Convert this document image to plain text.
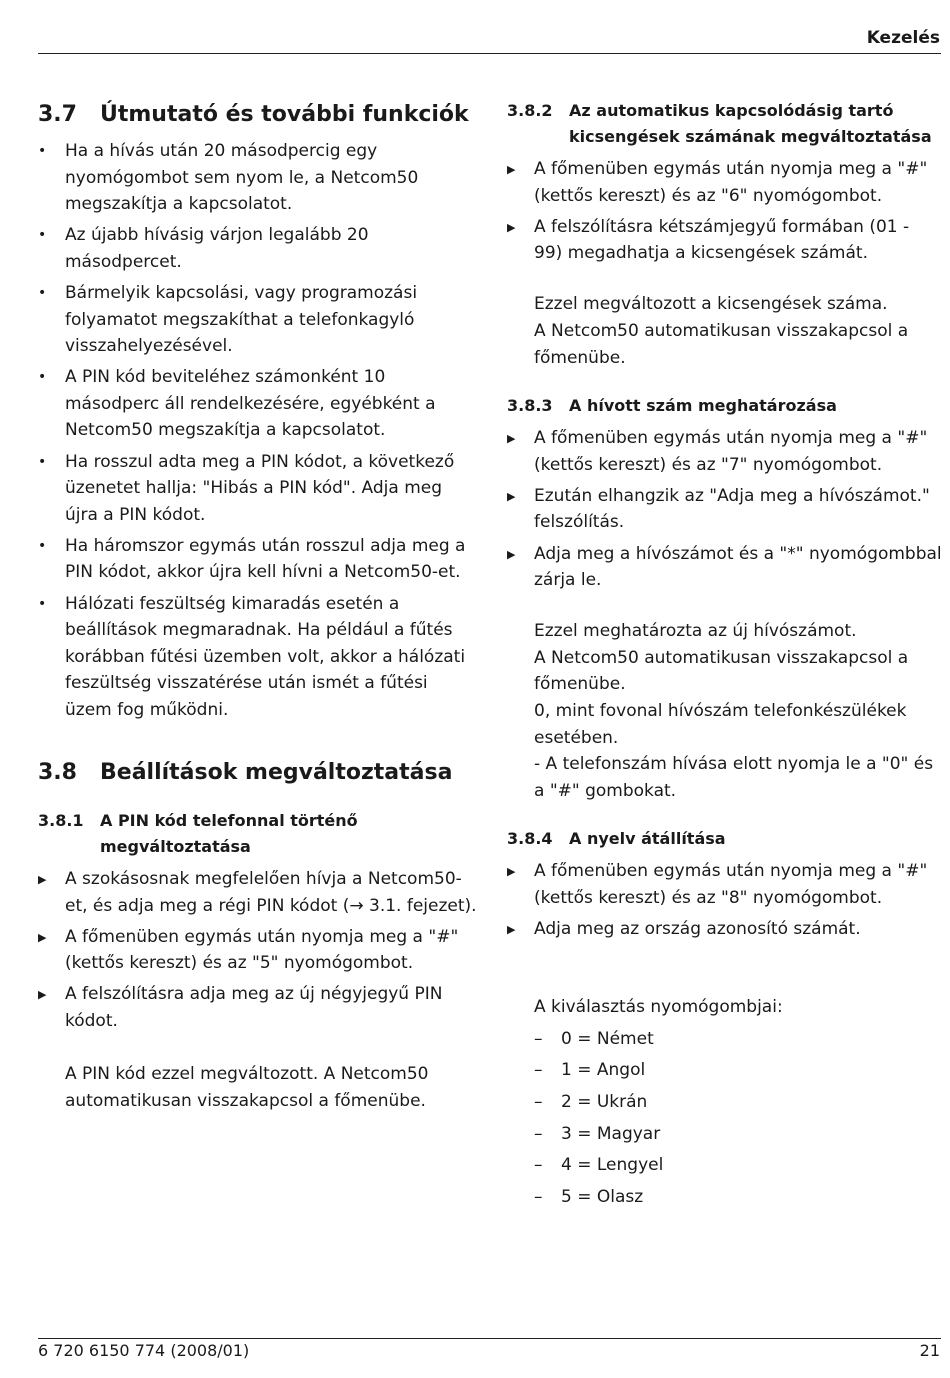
Kezelés
3.7	Útmutató és további funkciók
•	Ha a hívás után 20 másodpercig egy nyomógombot sem nyom le, a Netcom50 megszakítja a kapcsolatot.
•	Az újabb hívásig várjon legalább 20 másodpercet.
•	Bármelyik kapcsolási, vagy programozási folyamatot megszakíthat a telefonkagyló visszahelyezésével.
•	A PIN kód beviteléhez számonként 10 másodperc áll rendelkezésére, egyébként a Netcom50 megszakítja a kapcsolatot.
•	Ha rosszul adta meg a PIN kódot, a következő üzenetet hallja: "Hibás a PIN kód". Adja meg újra a PIN kódot.
•	Ha háromszor egymás után rosszul adja meg a PIN kódot, akkor újra kell hívni a Netcom50-et.
•	Hálózati feszültség kimaradás esetén a beállítások megmaradnak. Ha például a fűtés korábban fűtési üzemben volt, akkor a hálózati feszültség visszatérése után ismét a fűtési üzem fog működni.
3.8	Beállítások megváltoztatása
3.8.1	A PIN kód telefonnal történő megváltoztatása
▶	A szokásosnak megfelelően hívja a Netcom50-et, és adja meg a régi PIN kódot (→ 3.1. fejezet).
▶	A főmenüben egymás után nyomja meg a "#" (kettős kereszt) és az "5" nyomógombot.
▶	A felszólításra adja meg az új négyjegyű PIN kódot.
A PIN kód ezzel megváltozott. A Netcom50 automatikusan visszakapcsol a főmenübe.
3.8.2	Az automatikus kapcsolódásig tartó kicsengések számának megváltoztatása
▶	A főmenüben egymás után nyomja meg a "#" (kettős kereszt) és az "6" nyomógombot.
▶	A felszólításra kétszámjegyű formában (01 - 99) megadhatja a kicsengések számát.
Ezzel megváltozott a kicsengések száma.
A Netcom50 automatikusan visszakapcsol a főmenübe.
3.8.3	A hívott szám meghatározása
▶	A főmenüben egymás után nyomja meg a "#" (kettős kereszt) és az "7" nyomógombot.
▶	Ezután elhangzik az "Adja meg a hívószámot." felszólítás.
▶	Adja meg a hívószámot és a "*" nyomógombbal zárja le.
Ezzel meghatározta az új hívószámot.
A Netcom50 automatikusan visszakapcsol a főmenübe.
0, mint fovonal hívószám telefonkészülékek esetében.
- A telefonszám hívása elott nyomja le a "0" és a "#" gombokat.
3.8.4	A nyelv átállítása
▶	A főmenüben egymás után nyomja meg a "#" (kettős kereszt) és az "8" nyomógombot.
▶	Adja meg az ország azonosító számát.
A kiválasztás nyomógombjai:
–	0 = Német
–	1 = Angol
–	2 = Ukrán
–	3 = Magyar
–	4 = Lengyel
–	5 = Olasz
6 720 6150 774 (2008/01)	21
